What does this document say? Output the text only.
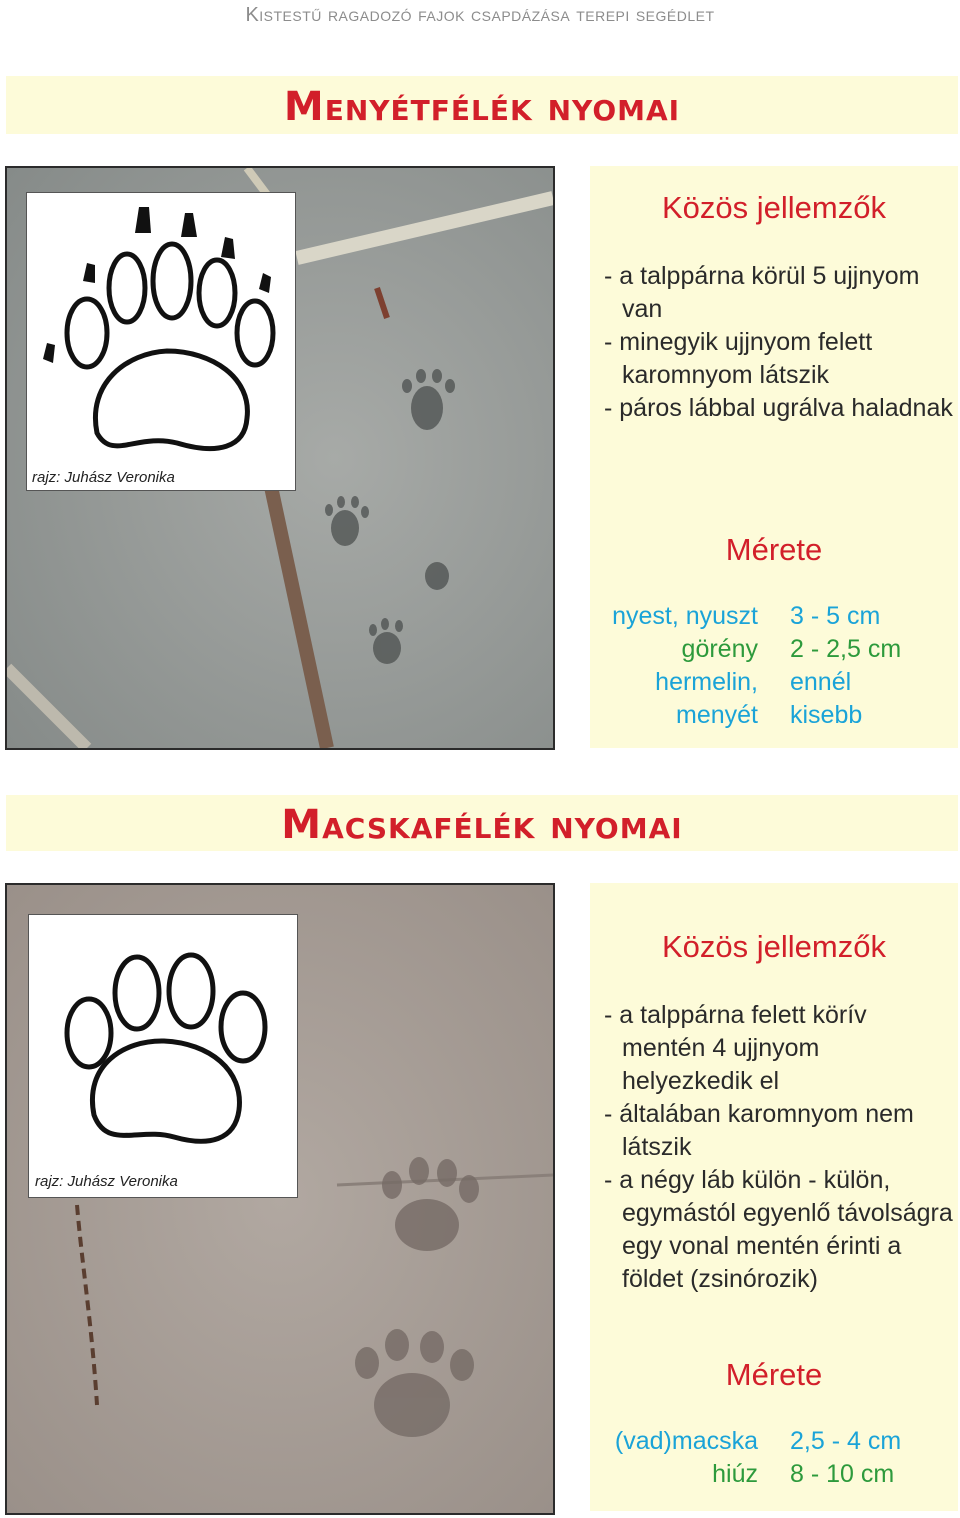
Kistestű ragadozó fajok csapdázása terepi segédlet
Menyétfélék nyomai
rajz: Juhász Veronika
Közös jellemzők
- a talppárna körül 5 ujjnyom van
- minegyik ujjnyom felett karomnyom látszik
- páros lábbal ugrálva haladnak
Mérete
nyest, nyuszt 3 - 5 cm
görény 2 - 2,5 cm
hermelin, ennél
menyét kisebb
Macskafélék nyomai
rajz: Juhász Veronika
Közös jellemzők
- a talppárna felett körív mentén 4 ujjnyom helyezkedik el
- általában karomnyom nem látszik
- a négy láb külön - külön, egymástól egyenlő távolságra egy vonal mentén érinti a földet (zsinórozik)
Mérete
(vad)macska 2,5 - 4 cm
hiúz 8 - 10 cm
